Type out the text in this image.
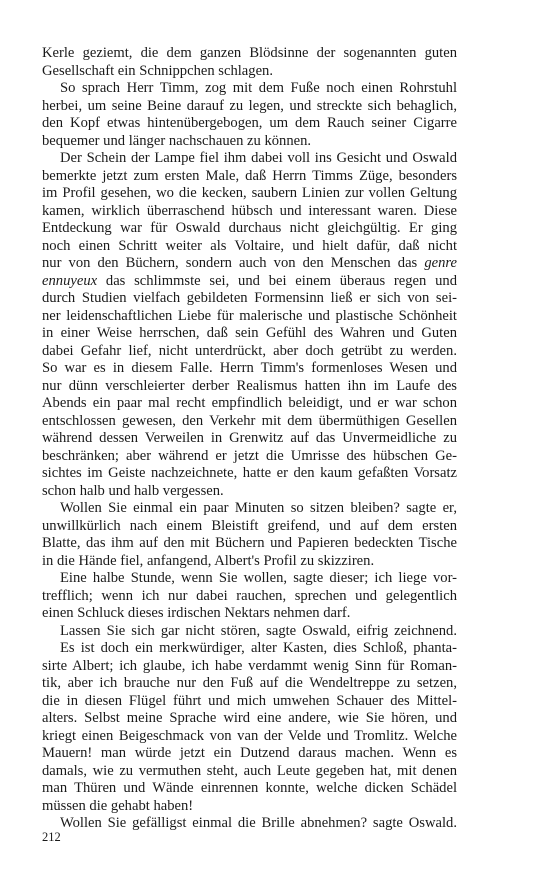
Kerle geziemt, die dem ganzen Blödsinne der sogenannten guten
Gesellschaft ein Schnippchen schlagen.
So sprach Herr Timm, zog mit dem Fuße noch einen Rohrstuhl
herbei, um seine Beine darauf zu legen, und streckte sich behaglich,
den Kopf etwas hintenübergebogen, um dem Rauch seiner Cigarre
bequemer und länger nachschauen zu können.
Der Schein der Lampe fiel ihm dabei voll ins Gesicht und Oswald
bemerkte jetzt zum ersten Male, daß Herrn Timms Züge, besonders
im Profil gesehen, wo die kecken, saubern Linien zur vollen Geltung
kamen, wirklich überraschend hübsch und interessant waren. Diese
Entdeckung war für Oswald durchaus nicht gleichgültig. Er ging
noch einen Schritt weiter als Voltaire, und hielt dafür, daß nicht
nur von den Büchern, sondern auch von den Menschen das genre
ennuyeux das schlimmste sei, und bei einem überaus regen und
durch Studien vielfach gebildeten Formensinn ließ er sich von sei-
ner leidenschaftlichen Liebe für malerische und plastische Schönheit
in einer Weise herrschen, daß sein Gefühl des Wahren und Guten
dabei Gefahr lief, nicht unterdrückt, aber doch getrübt zu werden.
So war es in diesem Falle. Herrn Timm's formenloses Wesen und
nur dünn verschleierter derber Realismus hatten ihn im Laufe des
Abends ein paar mal recht empfindlich beleidigt, und er war schon
entschlossen gewesen, den Verkehr mit dem übermüthigen Gesellen
während dessen Verweilen in Grenwitz auf das Unvermeidliche zu
beschränken; aber während er jetzt die Umrisse des hübschen Ge-
sichtes im Geiste nachzeichnete, hatte er den kaum gefaßten Vorsatz
schon halb und halb vergessen.
Wollen Sie einmal ein paar Minuten so sitzen bleiben? sagte er,
unwillkürlich nach einem Bleistift greifend, und auf dem ersten
Blatte, das ihm auf den mit Büchern und Papieren bedeckten Tische
in die Hände fiel, anfangend, Albert's Profil zu skizziren.
Eine halbe Stunde, wenn Sie wollen, sagte dieser; ich liege vor-
trefflich; wenn ich nur dabei rauchen, sprechen und gelegentlich
einen Schluck dieses irdischen Nektars nehmen darf.
Lassen Sie sich gar nicht stören, sagte Oswald, eifrig zeichnend.
Es ist doch ein merkwürdiger, alter Kasten, dies Schloß, phanta-
sirte Albert; ich glaube, ich habe verdammt wenig Sinn für Roman-
tik, aber ich brauche nur den Fuß auf die Wendeltreppe zu setzen,
die in diesen Flügel führt und mich umwehen Schauer des Mittel-
alters. Selbst meine Sprache wird eine andere, wie Sie hören, und
kriegt einen Beigeschmack von van der Velde und Tromlitz. Welche
Mauern! man würde jetzt ein Dutzend daraus machen. Wenn es
damals, wie zu vermuthen steht, auch Leute gegeben hat, mit denen
man Thüren und Wände einrennen konnte, welche dicken Schädel
müssen die gehabt haben!
Wollen Sie gefälligst einmal die Brille abnehmen? sagte Oswald.
212
